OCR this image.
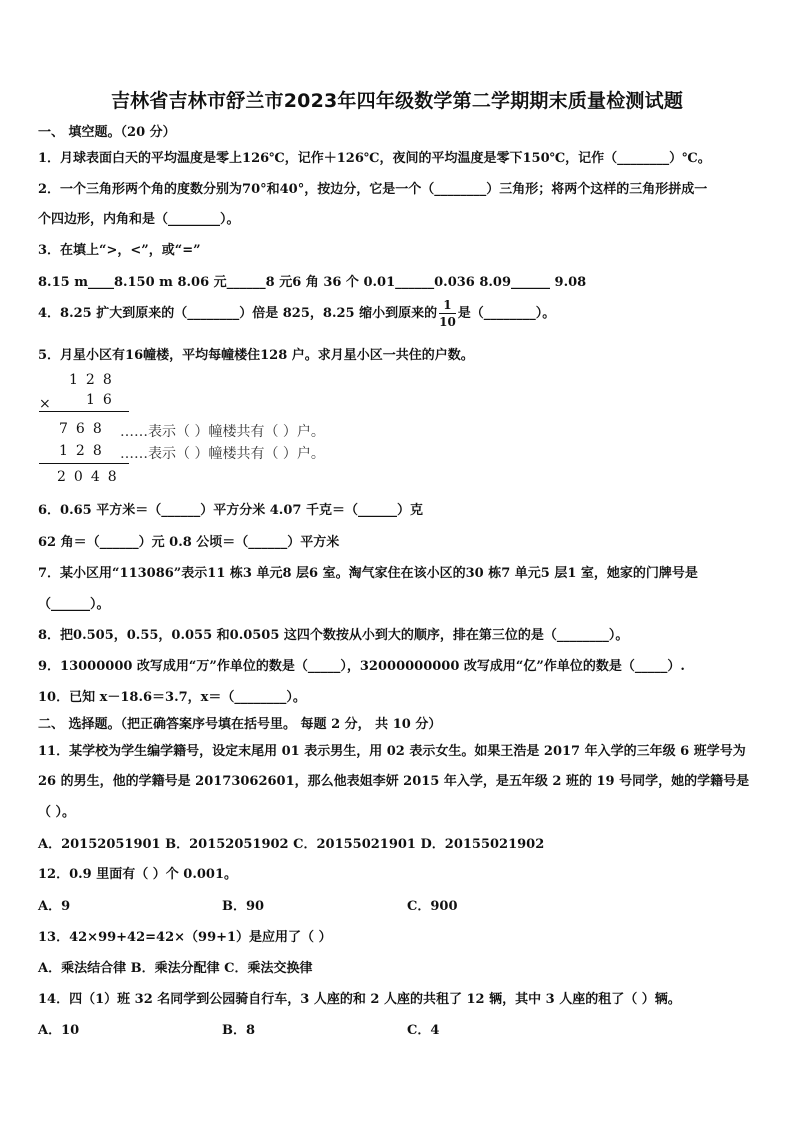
吉林省吉林市舒兰市2023年四年级数学第二学期期末质量检测试题
一、 填空题。（20 分）
1．月球表面白天的平均温度是零上126℃，记作＋126℃，夜间的平均温度是零下150℃，记作（________）℃。
2．一个三角形两个角的度数分别为70°和40°，按边分，它是一个（________）三角形；将两个这样的三角形拼成一
个四边形，内角和是（________）。
3．在填上“>，<”，或“=”
8.15 m____8.150 m 8.06 元______8 元6 角 36 个 0.01______0.036 8.09______ 9.08
4．8.25 扩大到原来的（________）倍是 825，8.25 缩小到原来的 $\frac{1}{10}$ 是（________）。
5．月星小区有16幢楼，平均每幢楼住128 户。求月星小区一共住的户数。
128
×	16
768 ……表示（ ）幢楼共有（ ）户。
128 ……表示（ ）幢楼共有（ ）户。
2048
6．0.65 平方米＝（______）平方分米 4.07 千克＝（______）克
62 角＝（______）元 0.8 公顷＝（______）平方米
7．某小区用“113086”表示11 栋3 单元8 层6 室。淘气家住在该小区的30 栋7 单元5 层1 室，她家的门牌号是
（______）。
8．把0.505，0.55，0.055 和0.0505 这四个数按从小到大的顺序，排在第三位的是（________）。
9．13000000 改写成用“万”作单位的数是（_____），32000000000 改写成用“亿”作单位的数是（_____）.
10．已知 x－18.6＝3.7，x＝（________）。
二、 选择题。（把正确答案序号填在括号里。 每题 2 分， 共 10 分）
11．某学校为学生编学籍号，设定末尾用 01 表示男生，用 02 表示女生。如果王浩是 2017 年入学的三年级 6 班学号为
26 的男生，他的学籍号是 20173062601，那么他表姐李妍 2015 年入学，是五年级 2 班的 19 号同学，她的学籍号是
（ ）。
A．20152051901 B．20152051902 C．20155021901 D．20155021902
12．0.9 里面有（ ）个 0.001。
A．9	B．90	C．900
13．42×99+42=42×（99+1）是应用了（ ）
A．乘法结合律 B．乘法分配律 C．乘法交换律
14．四（1）班 32 名同学到公园骑自行车，3 人座的和 2 人座的共租了 12 辆，其中 3 人座的租了（ ）辆。
A．10	B．8	C．4
